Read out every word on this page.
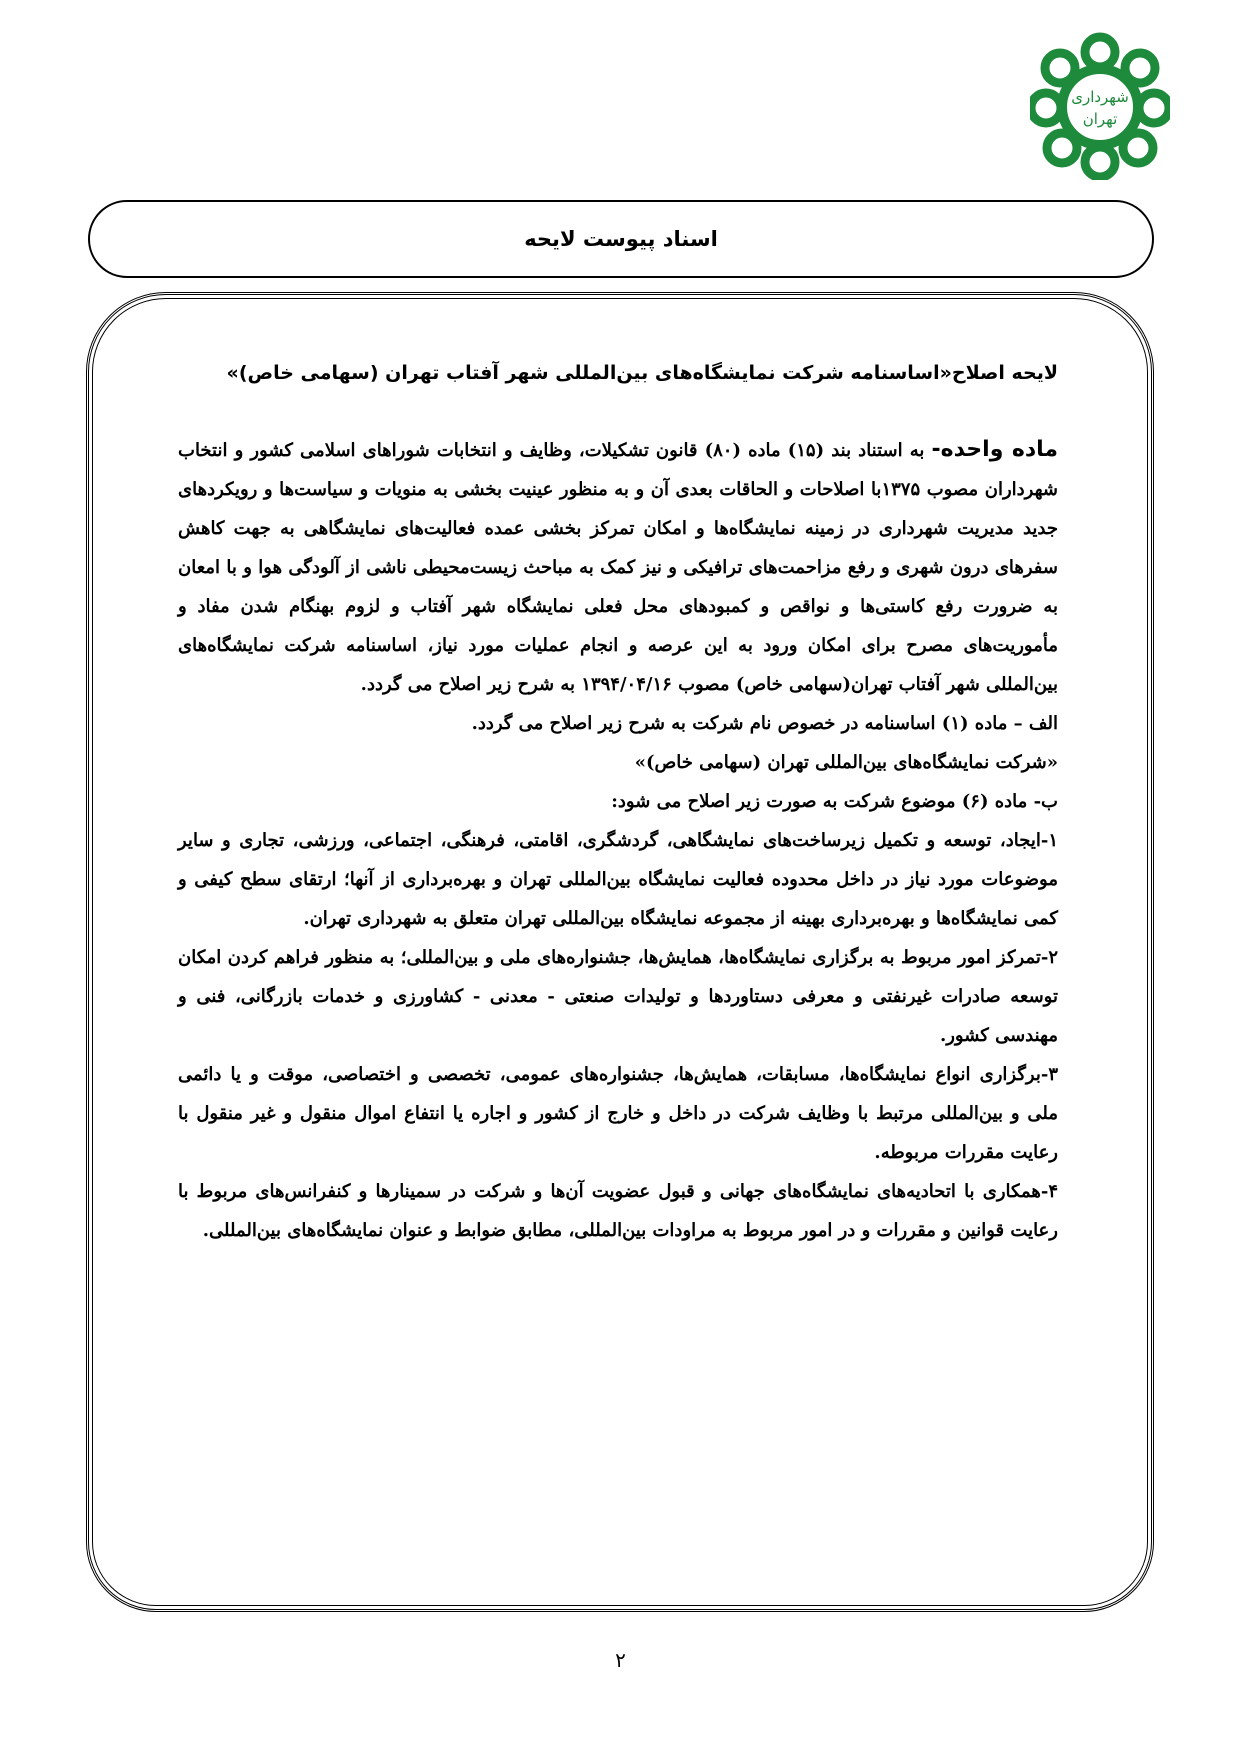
شهرداری
تهران
اسناد پیوست لایحه
لایحه اصلاح«اساسنامه شرکت نمایشگاه‌های بین‌المللی شهر آفتاب تهران (سهامی خاص)»

ماده واحده- به استناد بند (۱۵) ماده (۸۰) قانون تشکیلات، وظایف و انتخابات شوراهای اسلامی کشور و انتخاب شهرداران مصوب ۱۳۷۵با اصلاحات و الحاقات بعدی آن و به منظور عینیت بخشی به منویات و سیاست‌ها و رویکردهای جدید مدیریت شهرداری در زمینه نمایشگاه‌ها و امکان تمرکز بخشی عمده فعالیت‌های نمایشگاهی به جهت کاهش سفرهای درون شهری و رفع مزاحمت‌های ترافیکی و نیز کمک به مباحث زیست‌محیطی ناشی از آلودگی هوا و با امعان به ضرورت رفع کاستی‌ها و نواقص و کمبودهای محل فعلی نمایشگاه شهر آفتاب و لزوم بهنگام شدن مفاد و مأموریت‌های مصرح برای امکان ورود به این عرصه و انجام عملیات مورد نیاز، اساسنامه شرکت نمایشگاه‌های بین‌المللی شهر آفتاب تهران(سهامی خاص) مصوب ۱۳۹۴/۰۴/۱۶ به شرح زیر اصلاح می گردد.

الف – ماده (۱) اساسنامه در خصوص نام شرکت به شرح زیر اصلاح می گردد.

«شرکت نمایشگاه‌های بین‌المللی تهران (سهامی خاص)»

ب- ماده (۶) موضوع شرکت به صورت زیر اصلاح می شود:

۱-ایجاد، توسعه و تکمیل زیرساخت‌های نمایشگاهی، گردشگری، اقامتی، فرهنگی، اجتماعی، ورزشی، تجاری و سایر موضوعات مورد نیاز در داخل محدوده فعالیت نمایشگاه بین‌المللی تهران و بهره‌برداری از آنها؛ ارتقای سطح کیفی و کمی نمایشگاه‌ها و بهره‌برداری بهینه از مجموعه نمایشگاه بین‌المللی تهران متعلق به شهرداری تهران.

۲-تمرکز امور مربوط به برگزاری نمایشگاه‌ها، همایش‌ها، جشنواره‌های ملی و بین‌المللی؛ به منظور فراهم کردن امکان توسعه صادرات غیرنفتی و معرفی دستاوردها و تولیدات صنعتی - معدنی - کشاورزی و خدمات بازرگانی، فنی و مهندسی کشور.

۳-برگزاری انواع نمایشگاه‌ها، مسابقات، همایش‌ها، جشنواره‌های عمومی، تخصصی و اختصاصی، موقت و یا دائمی ملی و بین‌المللی مرتبط با وظایف شرکت در داخل و خارج از کشور و اجاره یا انتفاع اموال منقول و غیر منقول با رعایت مقررات مربوطه.

۴-همکاری با اتحادیه‌های نمایشگاه‌های جهانی و قبول عضویت آن‌ها و شرکت در سمینارها و کنفرانس‌های مربوط با رعایت قوانین و مقررات و در امور مربوط به مراودات بین‌المللی، مطابق ضوابط و عنوان نمایشگاه‌های بین‌المللی.

۲
